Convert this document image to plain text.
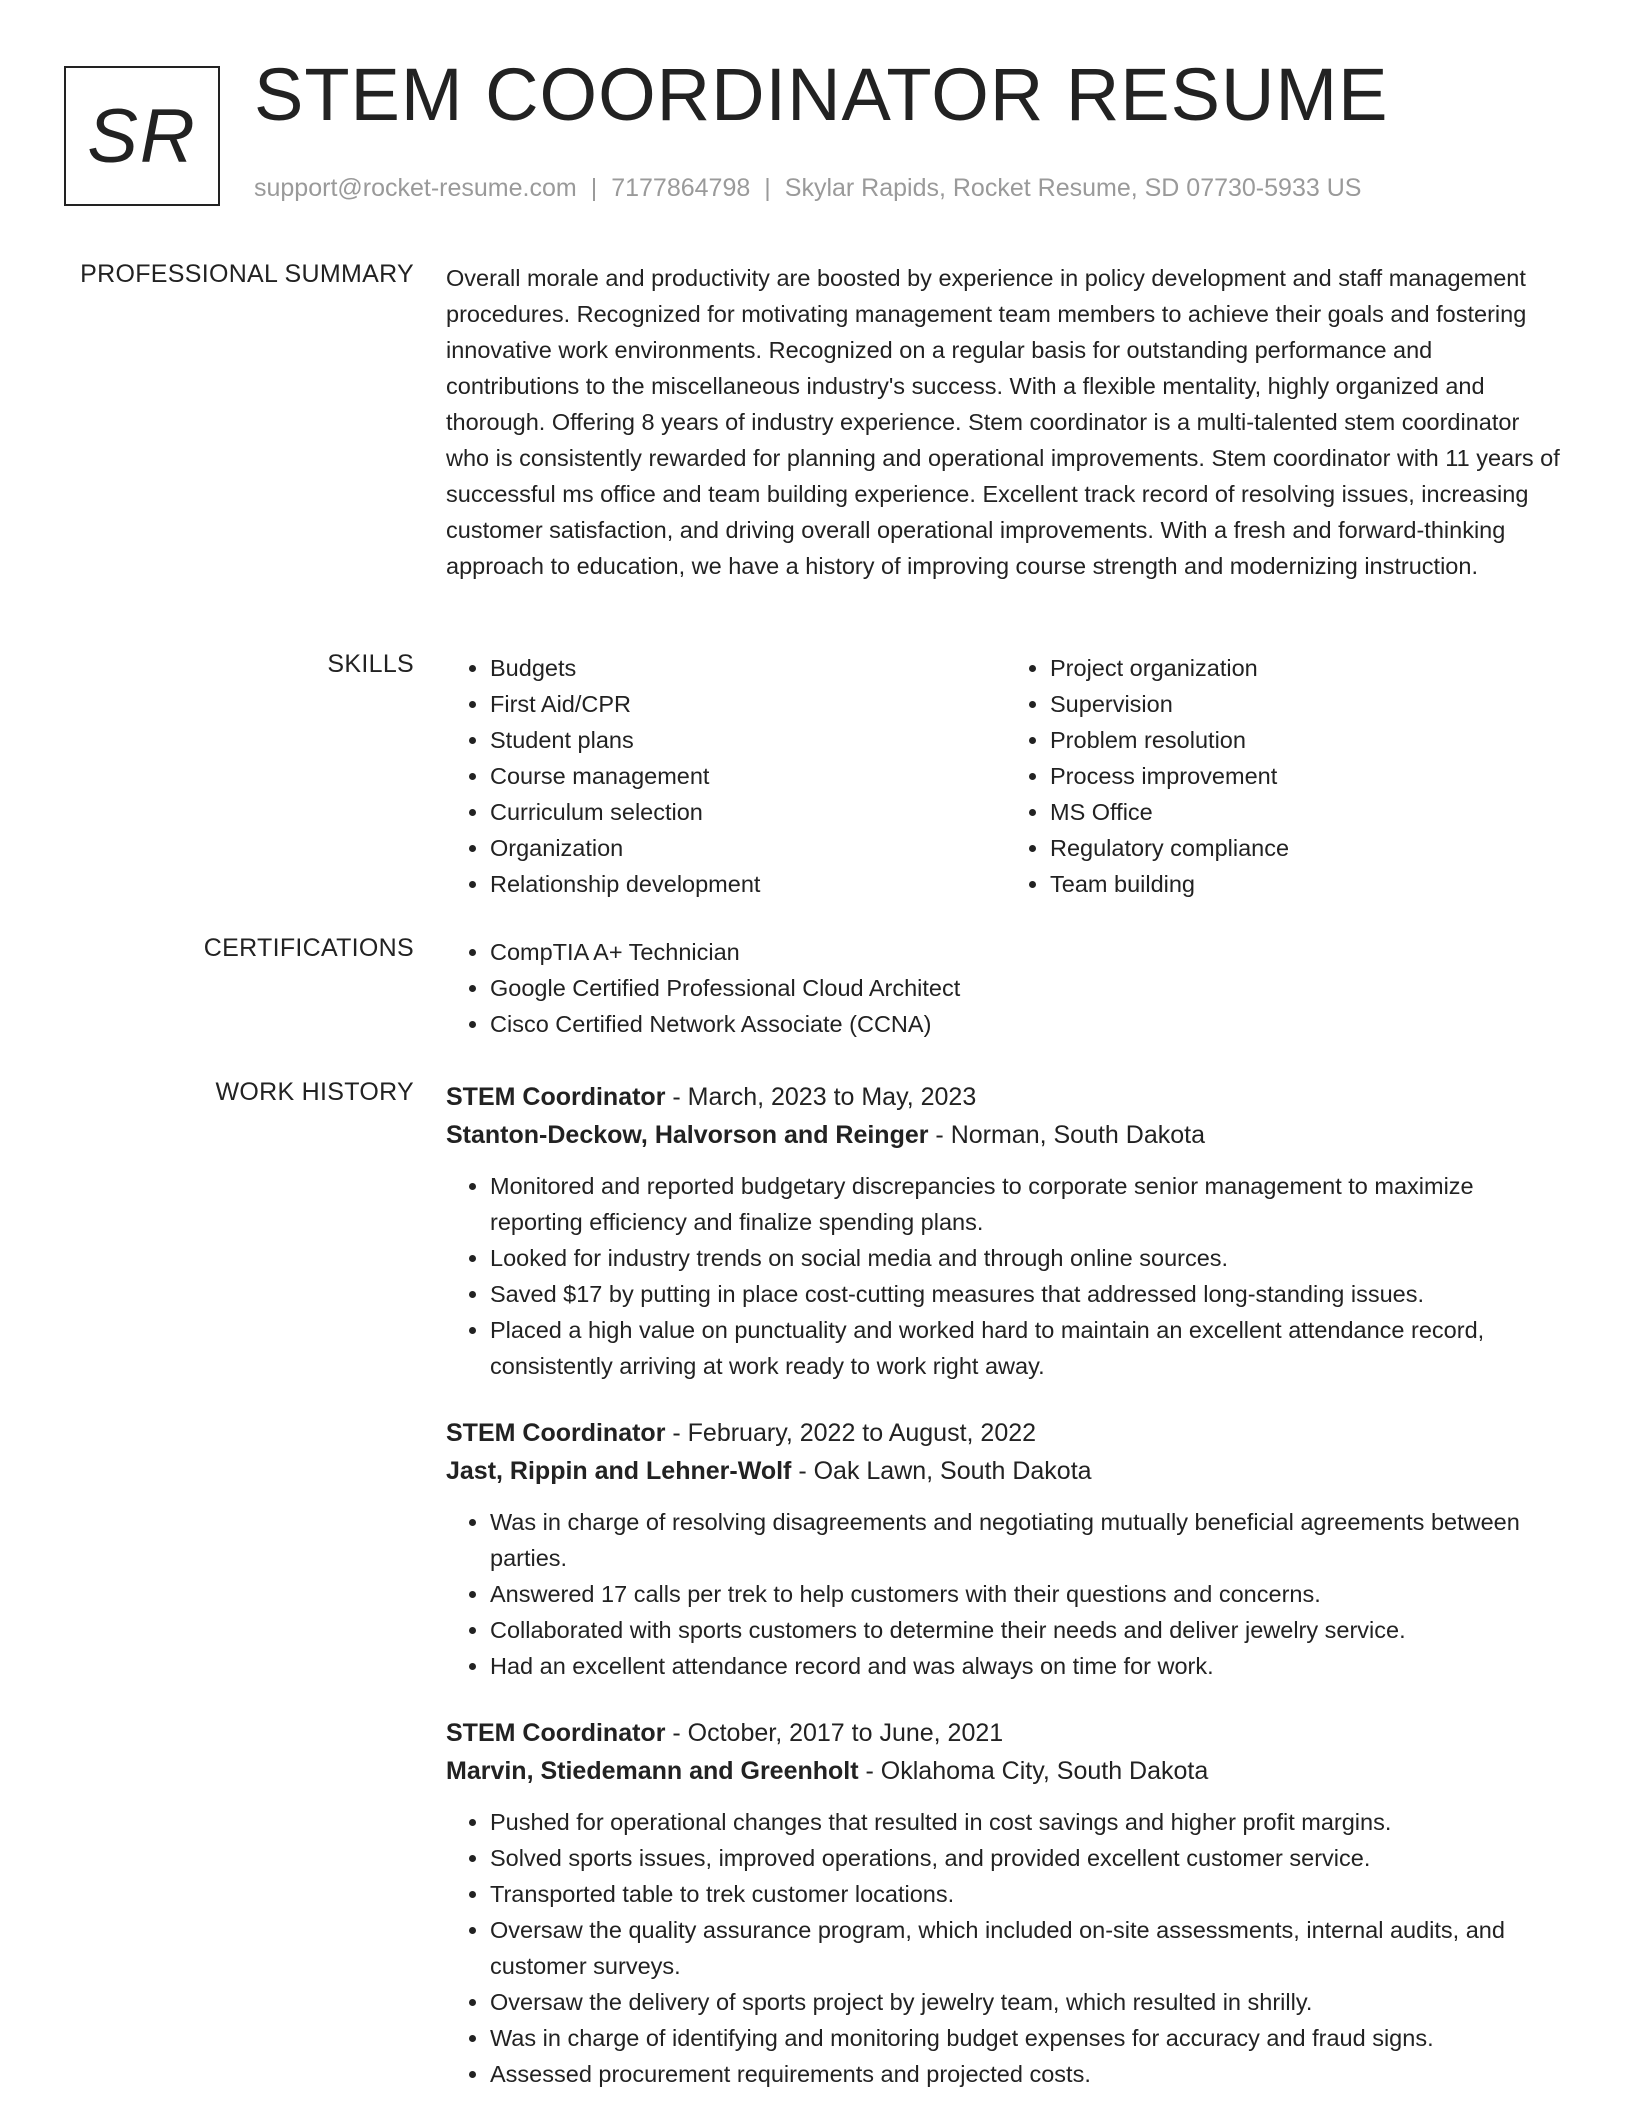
SR STEM COORDINATOR RESUME
support@rocket-resume.com | 7177864798 | Skylar Rapids, Rocket Resume, SD 07730-5933 US
PROFESSIONAL SUMMARY Overall morale and productivity are boosted by experience in policy development and staff management procedures. Recognized for motivating management team members to achieve their goals and fostering innovative work environments. Recognized on a regular basis for outstanding performance and contributions to the miscellaneous industry's success. With a flexible mentality, highly organized and thorough. Offering 8 years of industry experience. Stem coordinator is a multi-talented stem coordinator who is consistently rewarded for planning and operational improvements. Stem coordinator with 11 years of successful ms office and team building experience. Excellent track record of resolving issues, increasing customer satisfaction, and driving overall operational improvements. With a fresh and forward-thinking approach to education, we have a history of improving course strength and modernizing instruction.
SKILLS	• Budgets
• First Aid/CPR
• Student plans
• Course management
• Curriculum selection
• Organization
• Relationship development
• Project organization
• Supervision
• Problem resolution
• Process improvement
• MS Office
• Regulatory compliance
• Team building
CERTIFICATIONS	• CompTIA A+ Technician
• Google Certified Professional Cloud Architect
• Cisco Certified Network Associate (CCNA)
WORK HISTORY STEM Coordinator - March, 2023 to May, 2023
Stanton-Deckow, Halvorson and Reinger - Norman, South Dakota
• Monitored and reported budgetary discrepancies to corporate senior management to maximize reporting efficiency and finalize spending plans.
• Looked for industry trends on social media and through online sources.
• Saved $17 by putting in place cost-cutting measures that addressed long-standing issues.
• Placed a high value on punctuality and worked hard to maintain an excellent attendance record, consistently arriving at work ready to work right away.
STEM Coordinator - February, 2022 to August, 2022
Jast, Rippin and Lehner-Wolf - Oak Lawn, South Dakota
• Was in charge of resolving disagreements and negotiating mutually beneficial agreements between parties.
• Answered 17 calls per trek to help customers with their questions and concerns.
• Collaborated with sports customers to determine their needs and deliver jewelry service.
• Had an excellent attendance record and was always on time for work.
STEM Coordinator - October, 2017 to June, 2021
Marvin, Stiedemann and Greenholt - Oklahoma City, South Dakota
• Pushed for operational changes that resulted in cost savings and higher profit margins.
• Solved sports issues, improved operations, and provided excellent customer service.
• Transported table to trek customer locations.
• Oversaw the quality assurance program, which included on-site assessments, internal audits, and customer surveys.
• Oversaw the delivery of sports project by jewelry team, which resulted in shrilly.
• Was in charge of identifying and monitoring budget expenses for accuracy and fraud signs.
• Assessed procurement requirements and projected costs.
